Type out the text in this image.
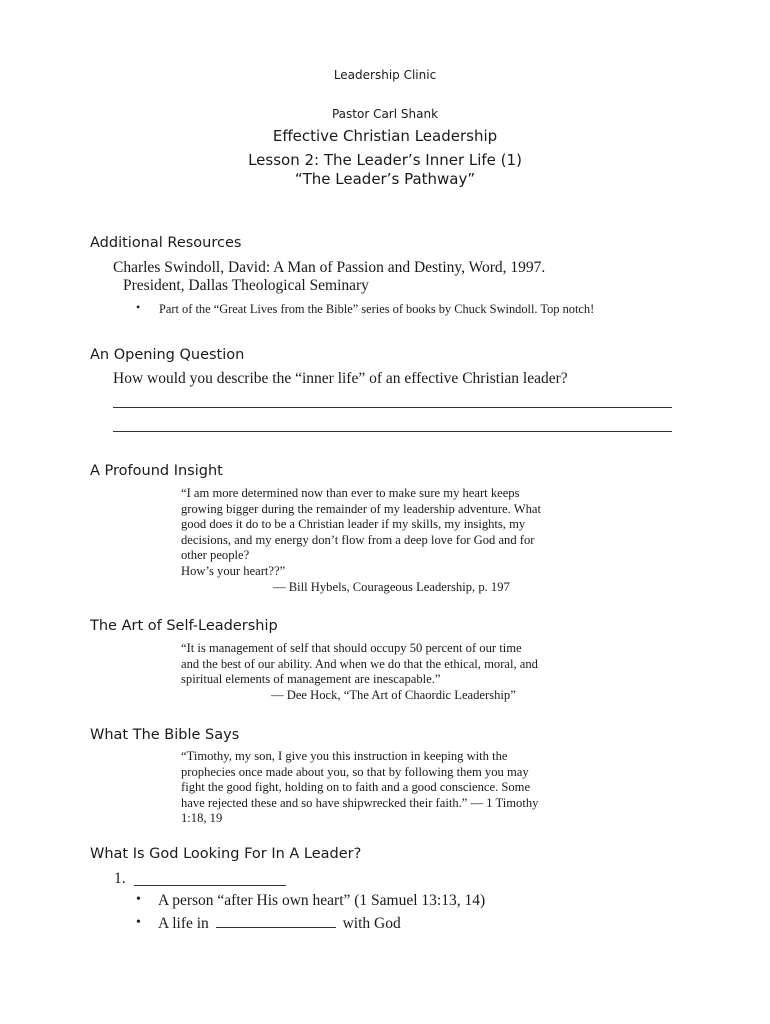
Leadership Clinic
Pastor Carl Shank
Effective Christian Leadership
Lesson 2: The Leader’s Inner Life (1)
“The Leader’s Pathway”
Additional Resources
Charles Swindoll, David: A Man of Passion and Destiny, Word, 1997.
President, Dallas Theological Seminary
• Part of the “Great Lives from the Bible” series of books by Chuck Swindoll. Top notch!
An Opening Question
How would you describe the “inner life” of an effective Christian leader?
A Profound Insight
“I am more determined now than ever to make sure my heart keeps
growing bigger during the remainder of my leadership adventure. What
good does it do to be a Christian leader if my skills, my insights, my
decisions, and my energy don’t flow from a deep love for God and for
other people?
How’s your heart??”
— Bill Hybels, Courageous Leadership, p. 197
The Art of Self-Leadership
“It is management of self that should occupy 50 percent of our time
and the best of our ability. And when we do that the ethical, moral, and
spiritual elements of management are inescapable.”
— Dee Hock, “The Art of Chaordic Leadership”
What The Bible Says
“Timothy, my son, I give you this instruction in keeping with the
prophecies once made about you, so that by following them you may
fight the good fight, holding on to faith and a good conscience. Some
have rejected these and so have shipwrecked their faith.” — 1 Timothy
1:18, 19
What Is God Looking For In A Leader?
1.
• A person “after His own heart” (1 Samuel 13:13, 14)
• A life in	with God
